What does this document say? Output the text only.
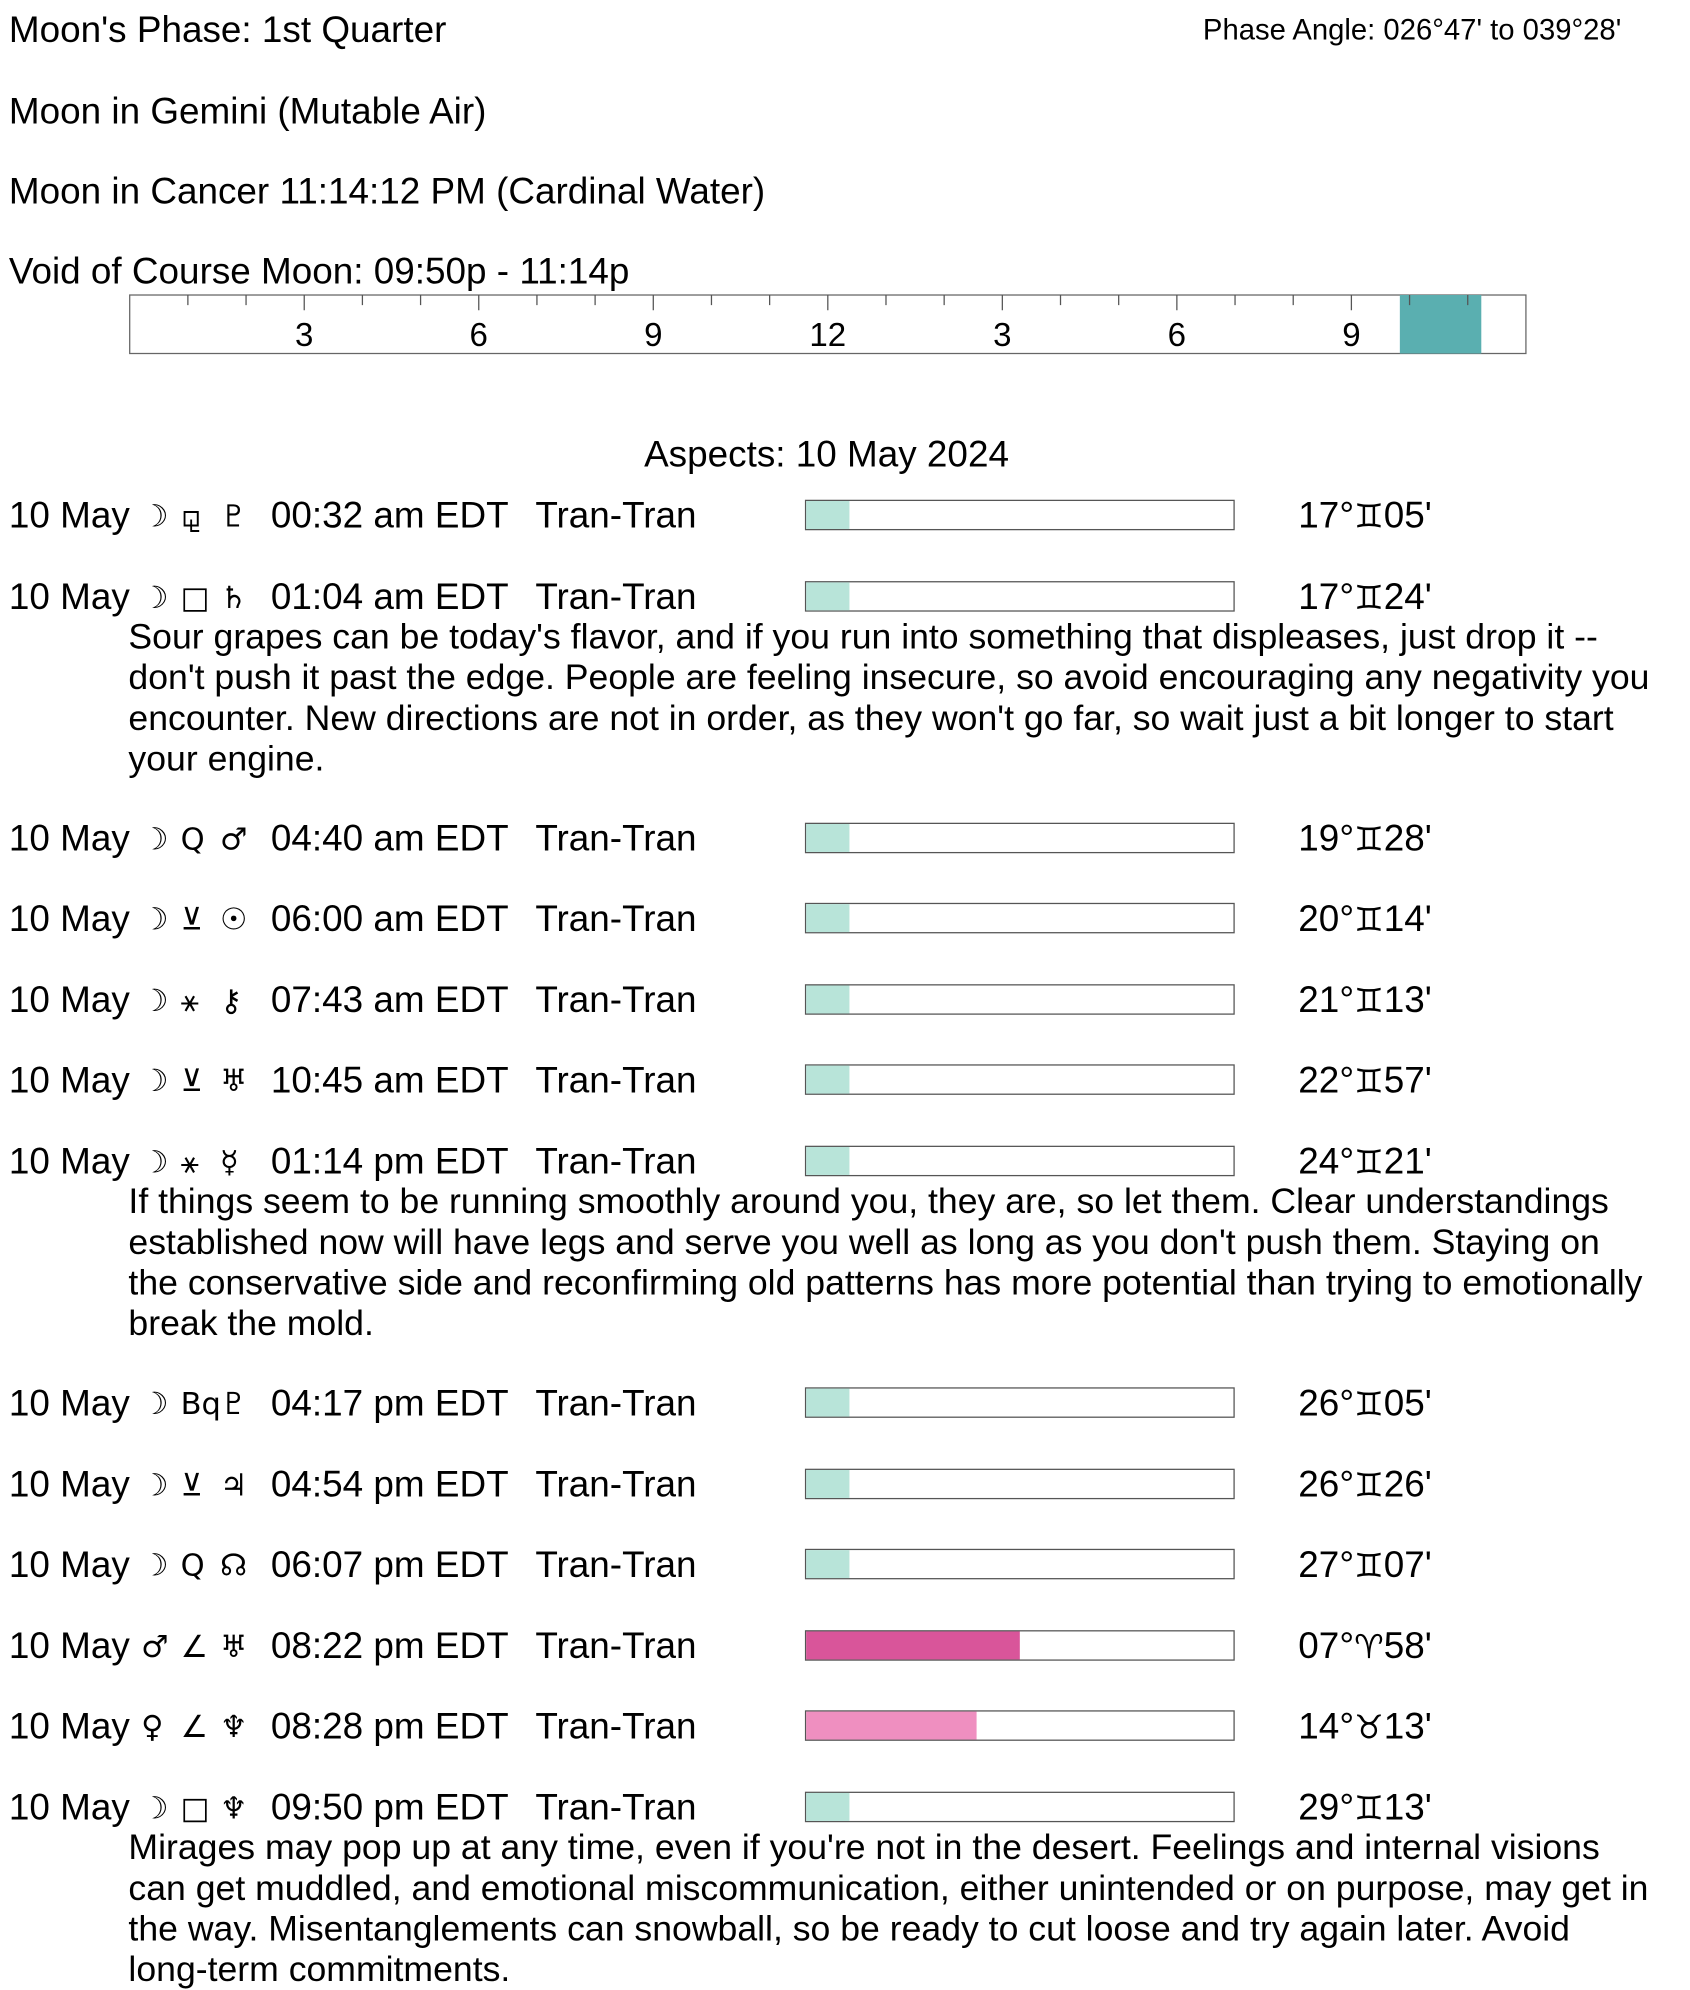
Moon's Phase: 1st Quarter	Phase Angle: 026°47' to 039°28'
Moon in Gemini (Mutable Air)
Moon in Cancer 11:14:12 PM (Cardinal Water)
Void of Course Moon: 09:50p - 11:14p
3	6	9	12	3	6	9
Aspects: 10 May 2024
10 May ☽ ⚼ ♇ 00:32 am EDT Tran-Tran	17°♊05'
10 May ☽ □ ♄ 01:04 am EDT Tran-Tran	17°♊24'
Sour grapes can be today's flavor, and if you run into something that displeases, just drop it -- don't push it past the edge. People are feeling insecure, so avoid encouraging any negativity you encounter. New directions are not in order, as they won't go far, so wait just a bit longer to start your engine.
10 May ☽ Q ♂ 04:40 am EDT Tran-Tran	19°♊28'
10 May ☽ ⊻ ☉ 06:00 am EDT Tran-Tran	20°♊14'
10 May ☽ ⚹ ⚷ 07:43 am EDT Tran-Tran	21°♊13'
10 May ☽ ⊻ ♅ 10:45 am EDT Tran-Tran	22°♊57'
10 May ☽ ⚹ ☿ 01:14 pm EDT Tran-Tran	24°♊21'
If things seem to be running smoothly around you, they are, so let them. Clear understandings established now will have legs and serve you well as long as you don't push them. Staying on the conservative side and reconfirming old patterns has more potential than trying to emotionally break the mold.
10 May ☽ Bq ♇ 04:17 pm EDT Tran-Tran	26°♊05'
10 May ☽ ⊻ ♃ 04:54 pm EDT Tran-Tran	26°♊26'
10 May ☽ Q ☊ 06:07 pm EDT Tran-Tran	27°♊07'
10 May ♂ ∠ ♅ 08:22 pm EDT Tran-Tran	07°♈58'
10 May ♀ ∠ ♆ 08:28 pm EDT Tran-Tran	14°♉13'
10 May ☽ □ ♆ 09:50 pm EDT Tran-Tran	29°♊13'
Mirages may pop up at any time, even if you're not in the desert. Feelings and internal visions can get muddled, and emotional miscommunication, either unintended or on purpose, may get in the way. Misentanglements can snowball, so be ready to cut loose and try again later. Avoid long-term commitments.
